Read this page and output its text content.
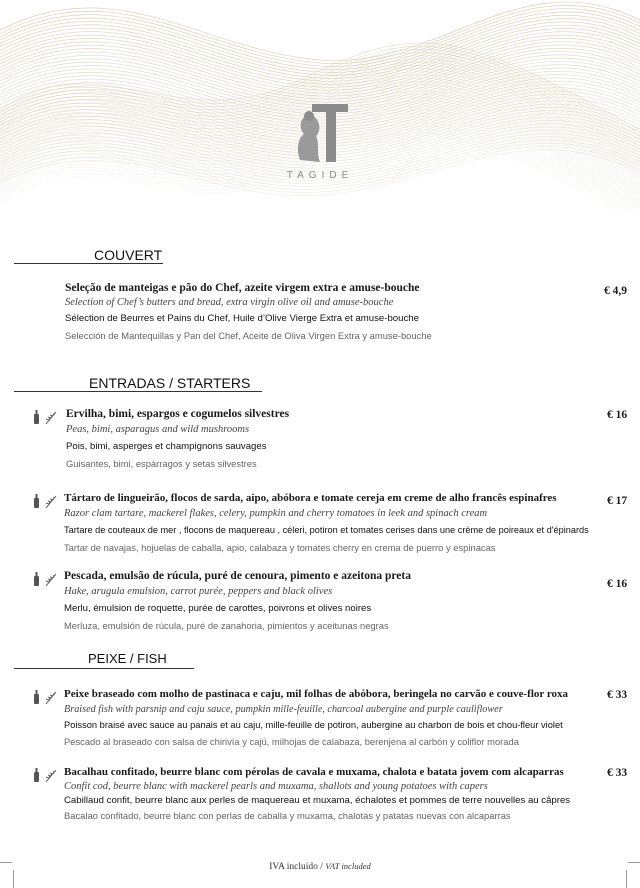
TAGIDE
COUVERT
Seleção de manteigas e pão do Chef, azeite virgem extra e amuse-bouche
Selection of Chef’s butters and bread, extra virgin olive oil and amuse-bouche
Sélection de Beurres et Pains du Chef, Huile d’Olive Vierge Extra et amuse-bouche
Selección de Mantequillas y Pan del Chef, Aceite de Oliva Virgen Extra y amuse-bouche
€ 4,9
ENTRADAS / STARTERS
Ervilha, bimi, espargos e cogumelos silvestres
Peas, bimi, asparagus and wild mushrooms
Pois, bimi, asperges et champignons sauvages
Guisantes, bimi, espárragos y setas silvestres
€ 16
Tártaro de lingueirão, flocos de sarda, aipo, abóbora e tomate cereja em creme de alho francês espinafres
Razor clam tartare, mackerel flakes, celery, pumpkin and cherry tomatoes in leek and spinach cream
Tartare de couteaux de mer , flocons de maquereau , céleri, potiron et tomates cerises dans une crème de poireaux et d'épinards
Tartar de navajas, hojuelas de caballa, apio, calabaza y tomates cherry en crema de puerro y espinacas
€ 17
Pescada, emulsão de rúcula, puré de cenoura, pimento e azeitona preta
Hake, arugula emulsion, carrot purée, peppers and black olives
Merlu, émulsion de roquette, purée de carottes, poivrons et olives noires
Merluza, emulsión de rúcula, puré de zanahoria, pimientos y aceitunas negras
€ 16
PEIXE / FISH
Peixe braseado com molho de pastinaca e caju, mil folhas de abóbora, beringela no carvão e couve-flor roxa
Braised fish with parsnip and caju sauce, pumpkin mille-feuille, charcoal aubergine and purple cauliflower
Poisson braisé avec sauce au panais et au caju, mille-feuille de potiron, aubergine au charbon de bois et chou-fleur violet
Pescado al braseado con salsa de chirivía y cajú, milhojas de calabaza, berenjena al carbón y coliflor morada
€ 33
Bacalhau confitado, beurre blanc com pérolas de cavala e muxama, chalota e batata jovem com alcaparras
Confit cod, beurre blanc with mackerel pearls and muxama, shallots and young potatoes with capers
Cabillaud confit, beurre blanc aux perles de maquereau et muxama, échalotes et pommes de terre nouvelles au câpres
Bacalao confitado, beurre blanc con perlas de caballa y muxama, chalotas y patatas nuevas con alcaparras
€ 33
IVA incluído / VAT included
